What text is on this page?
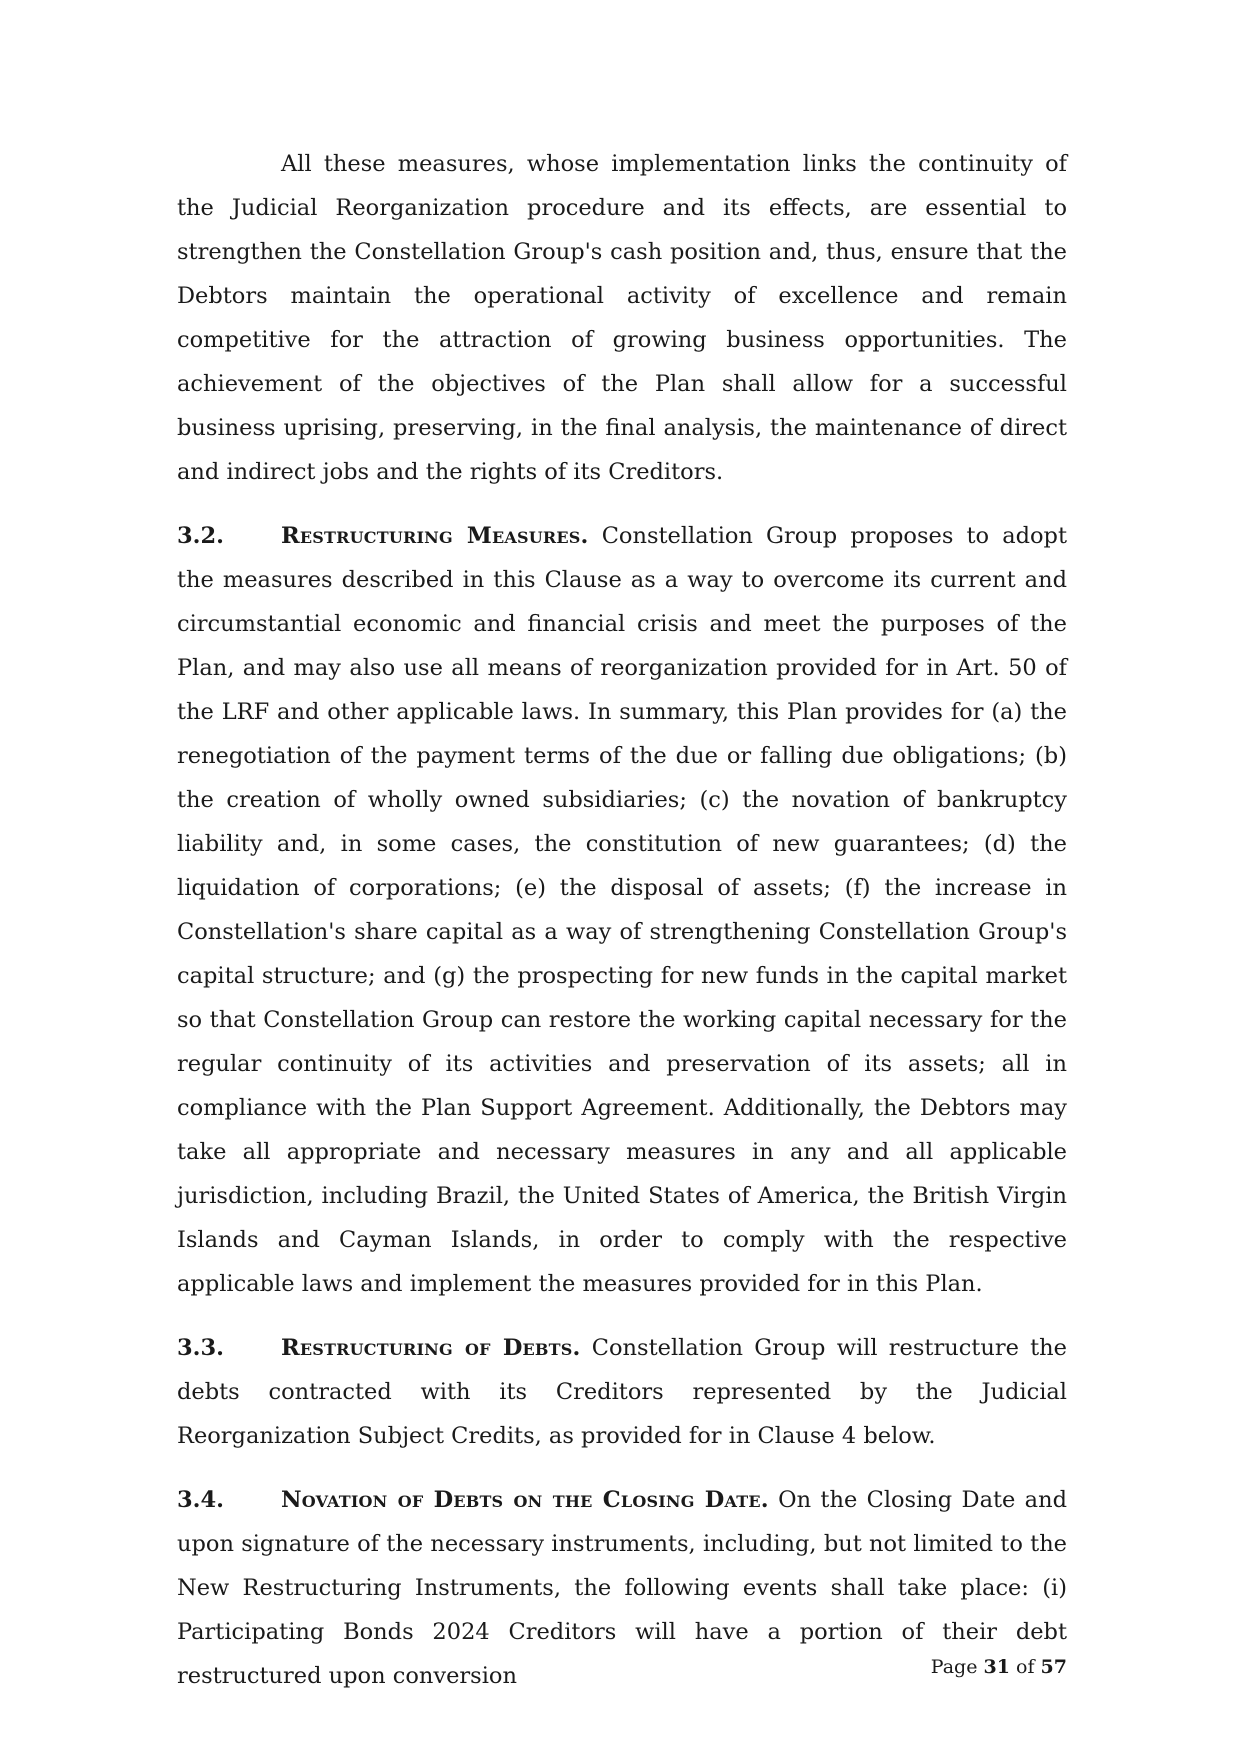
All these measures, whose implementation links the continuity of the Judicial Reorganization procedure and its effects, are essential to strengthen the Constellation Group's cash position and, thus, ensure that the Debtors maintain the operational activity of excellence and remain competitive for the attraction of growing business opportunities. The achievement of the objectives of the Plan shall allow for a successful business uprising, preserving, in the final analysis, the maintenance of direct and indirect jobs and the rights of its Creditors.

3.2.	Restructuring Measures. Constellation Group proposes to adopt the measures described in this Clause as a way to overcome its current and circumstantial economic and financial crisis and meet the purposes of the Plan, and may also use all means of reorganization provided for in Art. 50 of the LRF and other applicable laws. In summary, this Plan provides for (a) the renegotiation of the payment terms of the due or falling due obligations; (b) the creation of wholly owned subsidiaries; (c) the novation of bankruptcy liability and, in some cases, the constitution of new guarantees; (d) the liquidation of corporations; (e) the disposal of assets; (f) the increase in Constellation's share capital as a way of strengthening Constellation Group's capital structure; and (g) the prospecting for new funds in the capital market so that Constellation Group can restore the working capital necessary for the regular continuity of its activities and preservation of its assets; all in compliance with the Plan Support Agreement. Additionally, the Debtors may take all appropriate and necessary measures in any and all applicable jurisdiction, including Brazil, the United States of America, the British Virgin Islands and Cayman Islands, in order to comply with the respective applicable laws and implement the measures provided for in this Plan.

3.3.	Restructuring of Debts. Constellation Group will restructure the debts contracted with its Creditors represented by the Judicial Reorganization Subject Credits, as provided for in Clause 4 below.

3.4.	Novation of Debts on the Closing Date. On the Closing Date and upon signature of the necessary instruments, including, but not limited to the New Restructuring Instruments, the following events shall take place: (i) Participating Bonds 2024 Creditors will have a portion of their debt restructured upon conversion	Page 31 of 57
